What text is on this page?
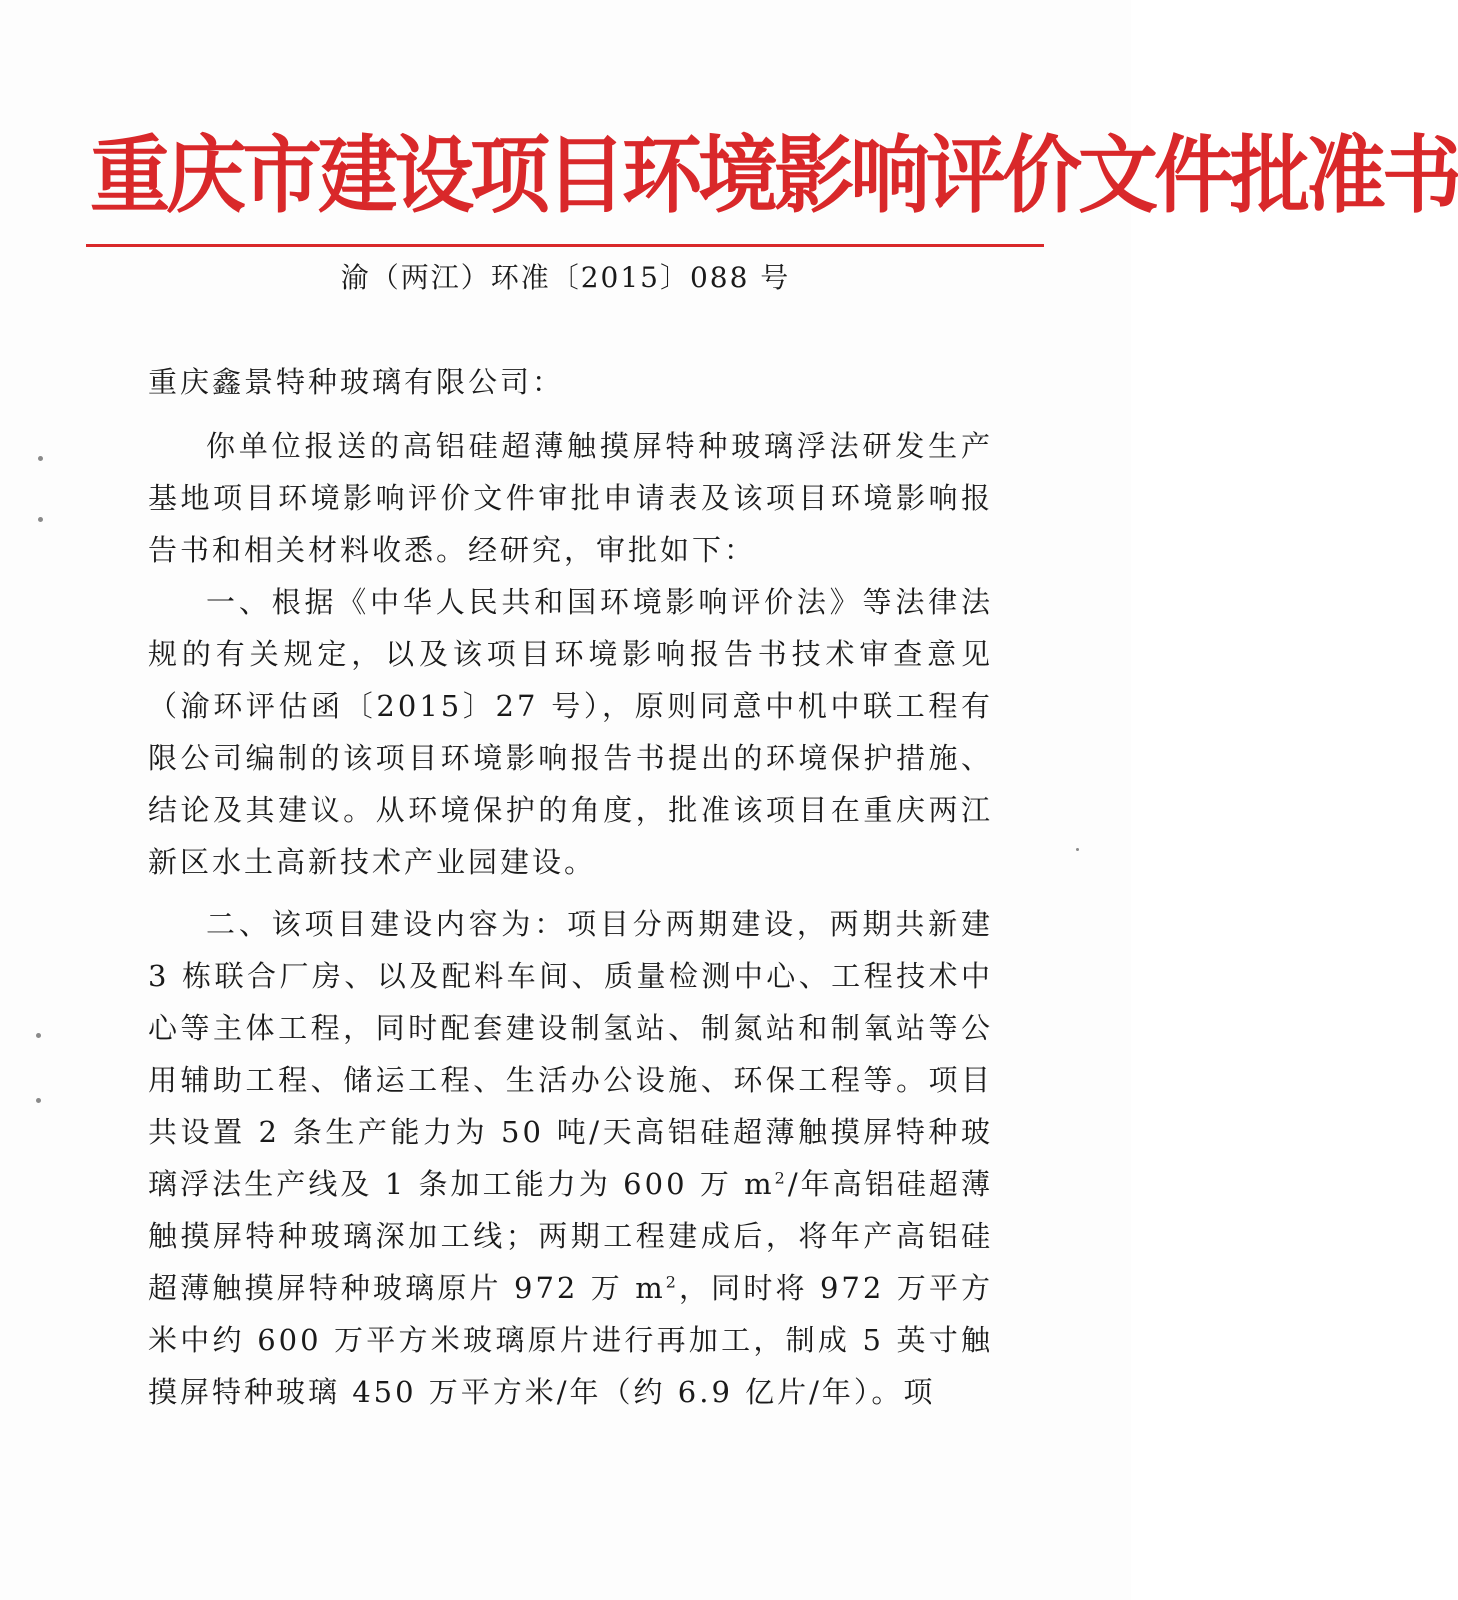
重庆市建设项目环境影响评价文件批准书
渝（两江）环准〔2015〕088 号
重庆鑫景特种玻璃有限公司：

你单位报送的高铝硅超薄触摸屏特种玻璃浮法研发生产基地项目环境影响评价文件审批申请表及该项目环境影响报告书和相关材料收悉。经研究，审批如下：

一、根据《中华人民共和国环境影响评价法》等法律法规的有关规定，以及该项目环境影响报告书技术审查意见（渝环评估函〔2015〕27 号），原则同意中机中联工程有限公司编制的该项目环境影响报告书提出的环境保护措施、结论及其建议。从环境保护的角度，批准该项目在重庆两江新区水土高新技术产业园建设。

二、该项目建设内容为：项目分两期建设，两期共新建 3 栋联合厂房、以及配料车间、质量检测中心、工程技术中心等主体工程，同时配套建设制氢站、制氮站和制氧站等公用辅助工程、储运工程、生活办公设施、环保工程等。项目共设置 2 条生产能力为 50 吨/天高铝硅超薄触摸屏特种玻璃浮法生产线及 1 条加工能力为 600 万 $m^2/$年高铝硅超薄触摸屏特种玻璃深加工线；两期工程建成后，将年产高铝硅超薄触摸屏特种玻璃原片 972 万 $m^2$，同时将 972 万平方米中约 600 万平方米玻璃原片进行再加工，制成 5 英寸触摸屏特种玻璃 450 万平方米/年（约 6.9 亿片/年）。项
